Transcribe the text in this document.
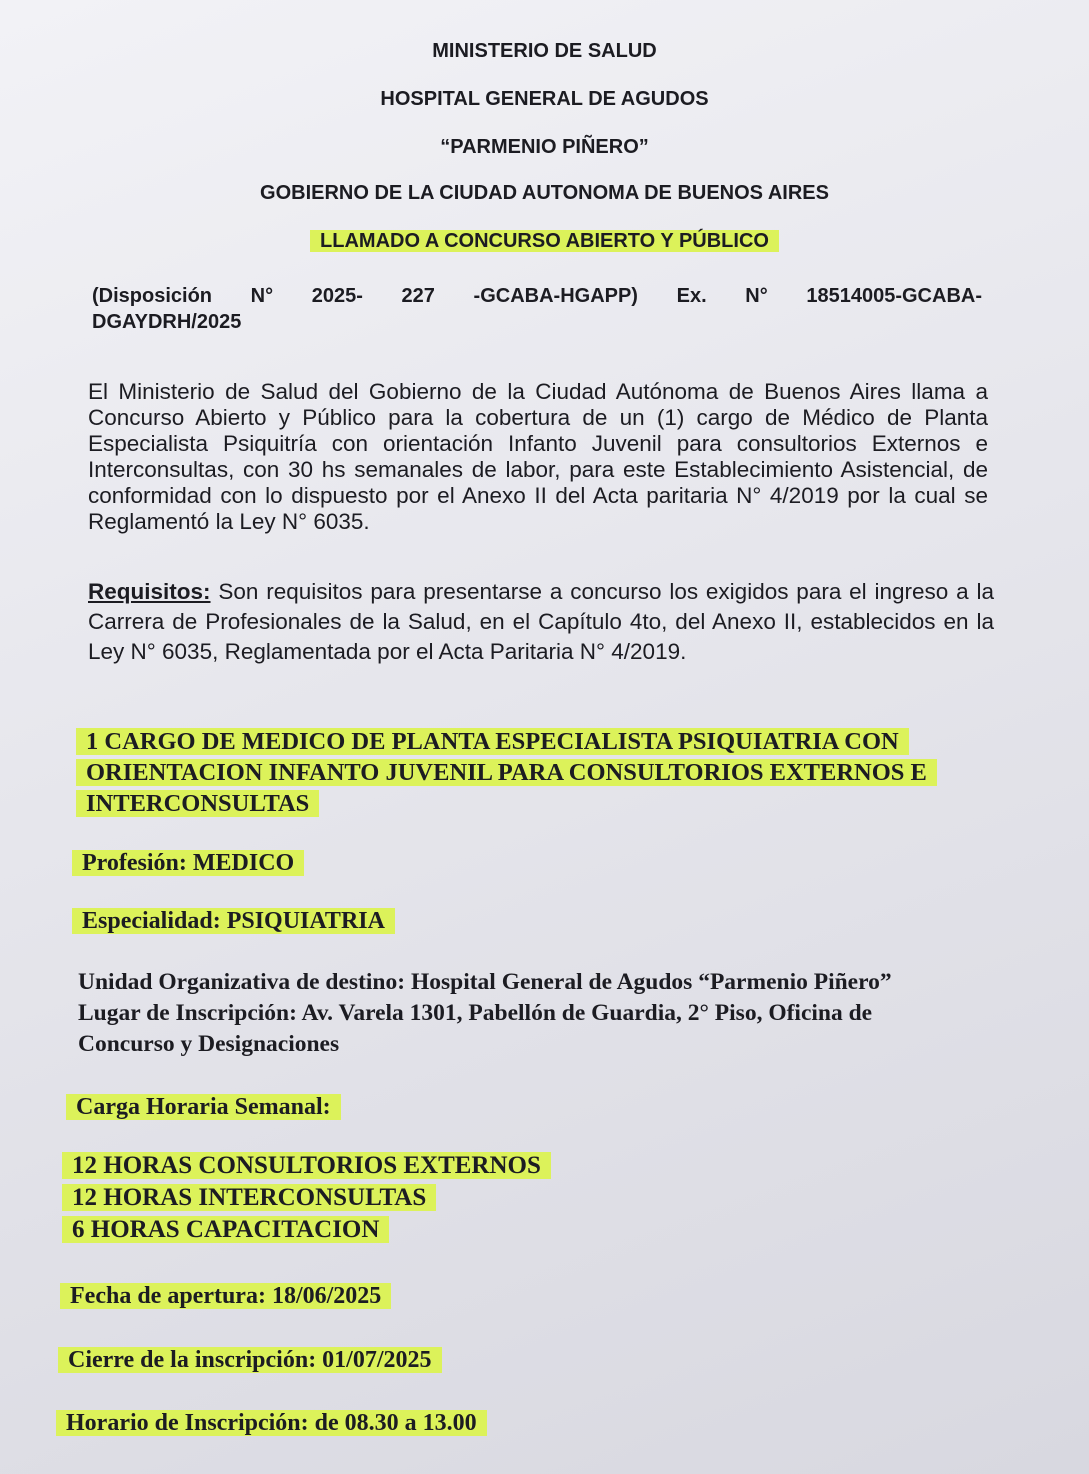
MINISTERIO DE SALUD
HOSPITAL GENERAL DE AGUDOS
“PARMENIO PIÑERO”
GOBIERNO DE LA CIUDAD AUTONOMA DE BUENOS AIRES
LLAMADO A CONCURSO ABIERTO Y PÚBLICO
(Disposición N° 2025- 227 -GCABA-HGAPP) Ex. N° 18514005-GCABA-
DGAYDRH/2025
El Ministerio de Salud del Gobierno de la Ciudad Autónoma de Buenos Aires llama a Concurso Abierto y Público para la cobertura de un (1) cargo de Médico de Planta Especialista Psiquitría con orientación Infanto Juvenil para consultorios Externos e Interconsultas, con 30 hs semanales de labor, para este Establecimiento Asistencial, de conformidad con lo dispuesto por el Anexo II del Acta paritaria N° 4/2019 por la cual se Reglamentó la Ley N° 6035.
Requisitos: Son requisitos para presentarse a concurso los exigidos para el ingreso a la Carrera de Profesionales de la Salud, en el Capítulo 4to, del Anexo II, establecidos en la Ley N° 6035, Reglamentada por el Acta Paritaria N° 4/2019.
1 CARGO DE MEDICO DE PLANTA ESPECIALISTA PSIQUIATRIA CON
ORIENTACION INFANTO JUVENIL PARA CONSULTORIOS EXTERNOS E
INTERCONSULTAS
Profesión: MEDICO
Especialidad: PSIQUIATRIA
Unidad Organizativa de destino: Hospital General de Agudos “Parmenio Piñero”
Lugar de Inscripción: Av. Varela 1301, Pabellón de Guardia, 2° Piso, Oficina de
Concurso y Designaciones
Carga Horaria Semanal:
12 HORAS CONSULTORIOS EXTERNOS
12 HORAS INTERCONSULTAS
6 HORAS CAPACITACION
Fecha de apertura: 18/06/2025
Cierre de la inscripción: 01/07/2025
Horario de Inscripción: de 08.30 a 13.00
